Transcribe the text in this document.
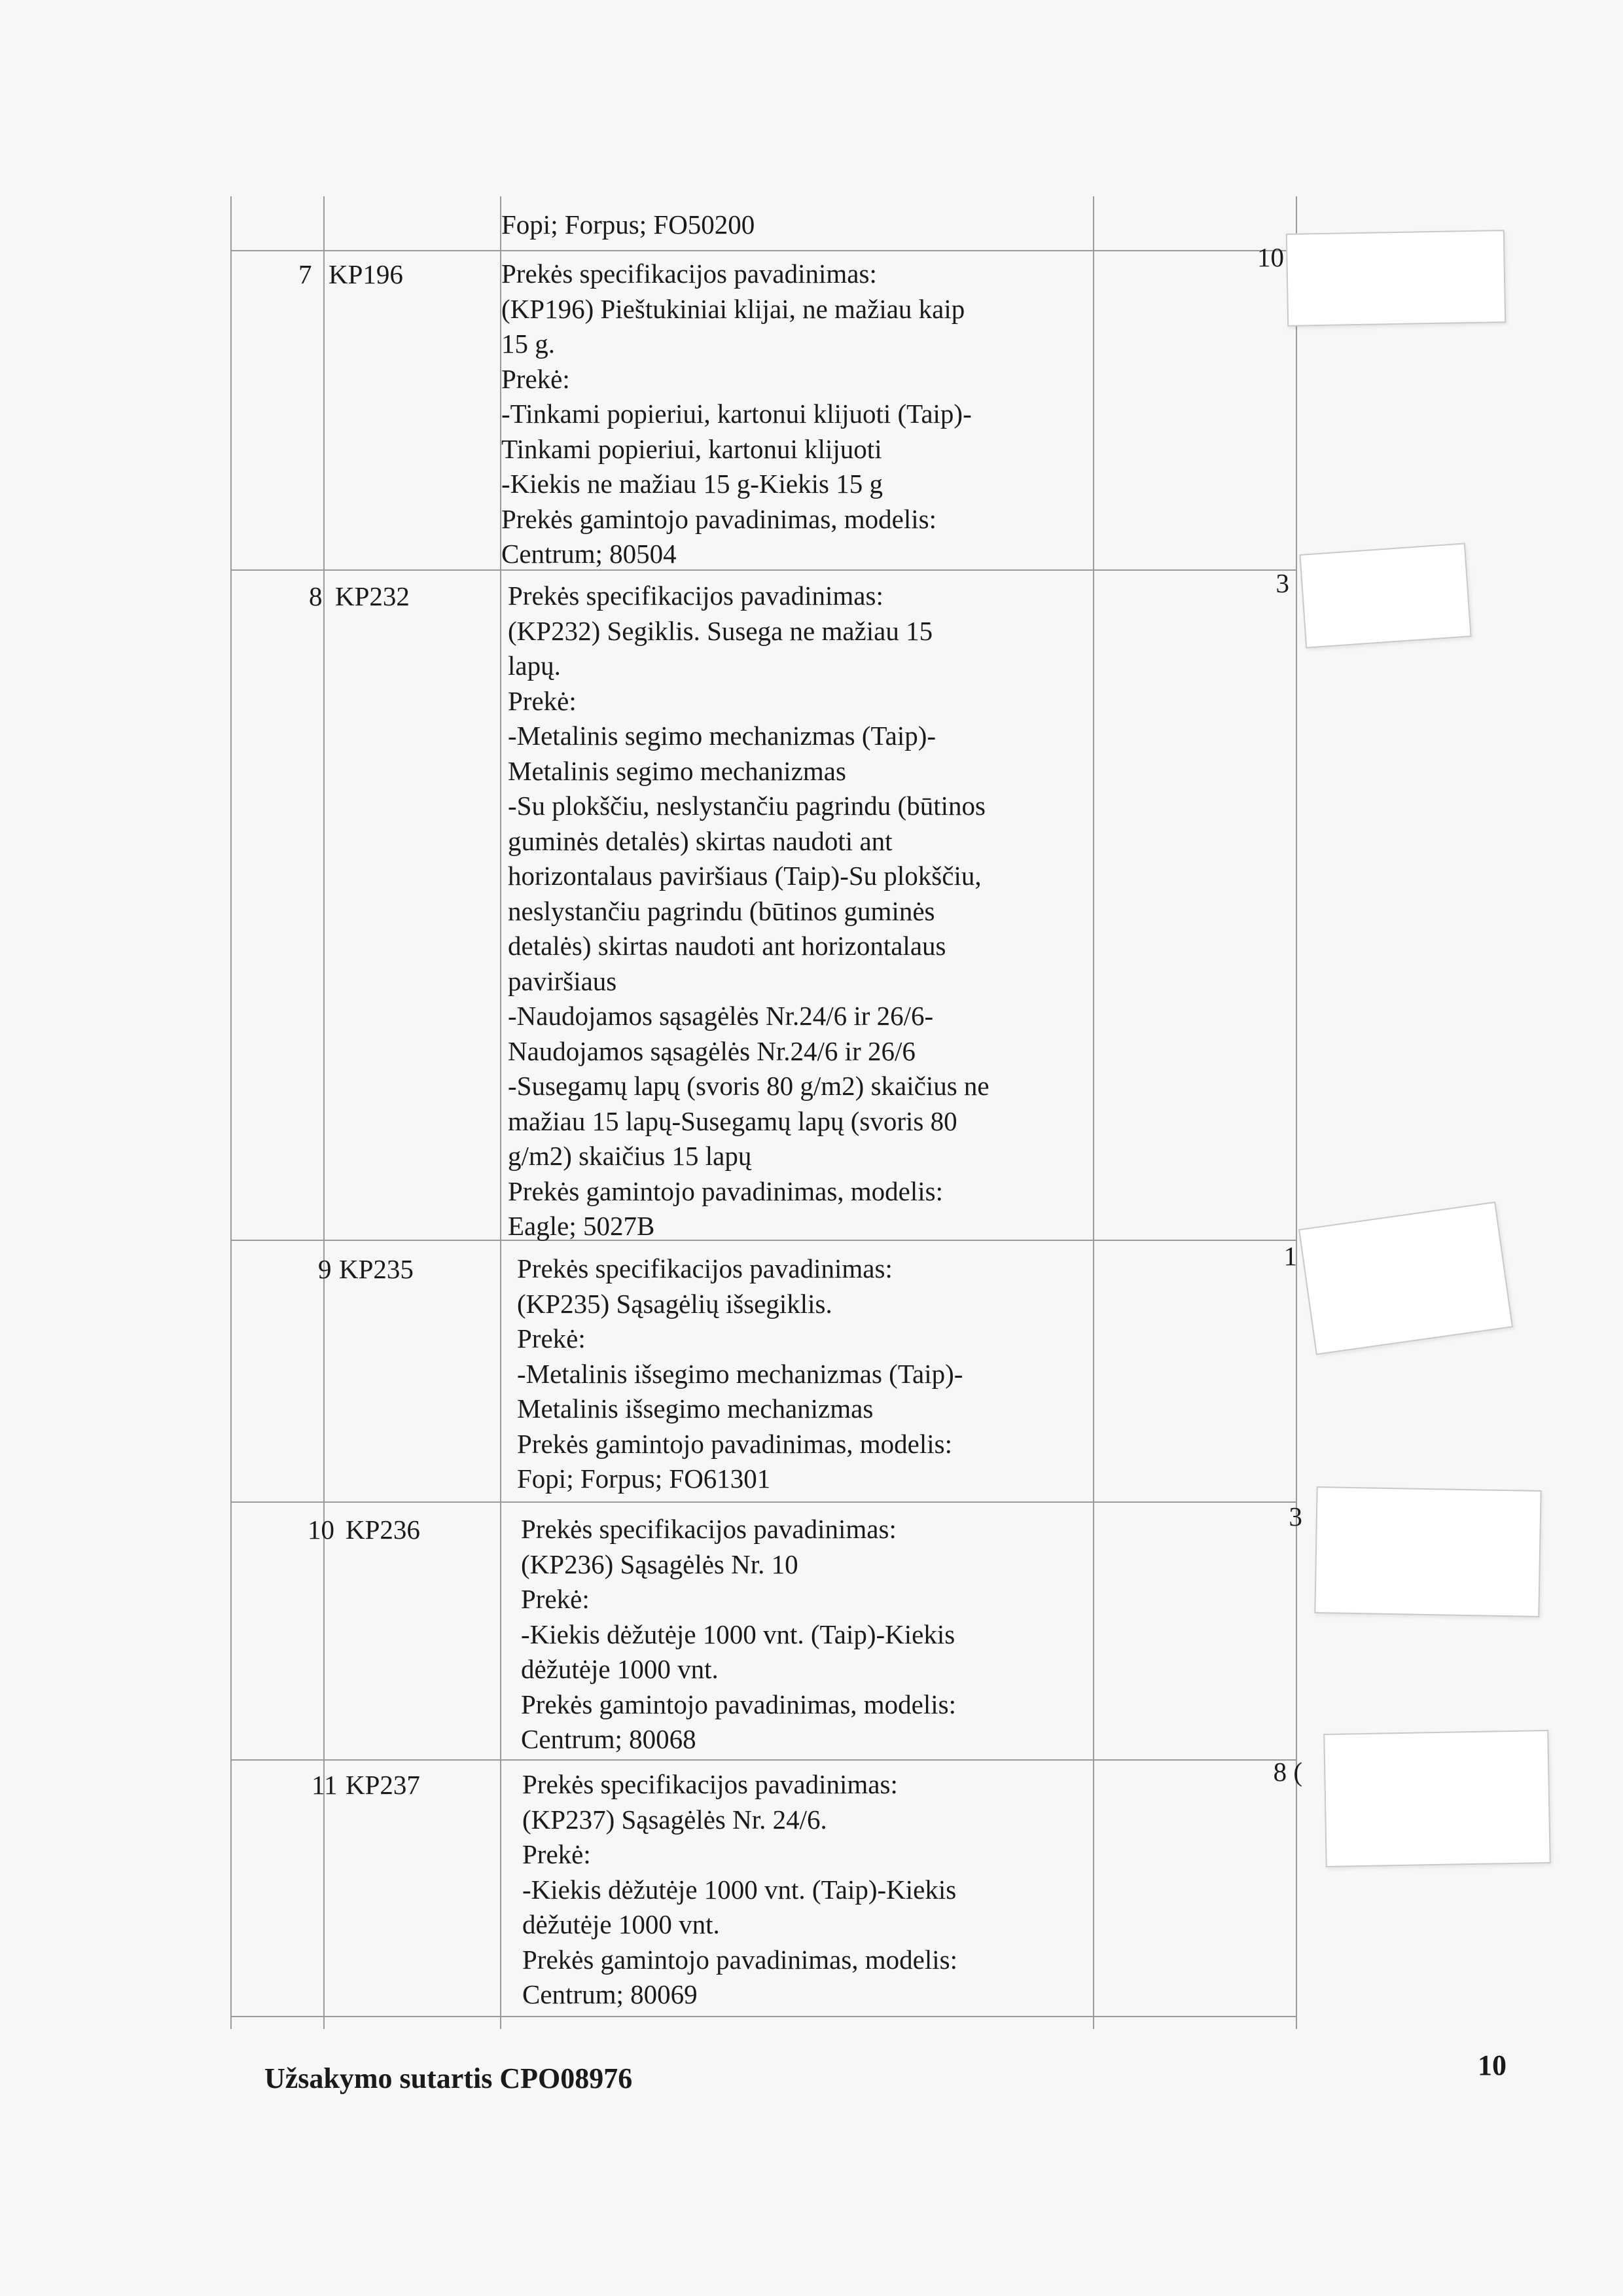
Fopi; Forpus; FO50200
7 KP196	Prekės specifikacijos pavadinimas:
(KP196) Pieštukiniai klijai, ne mažiau kaip
15 g.
Prekė:
-Tinkami popieriui, kartonui klijuoti (Taip)-
Tinkami popieriui, kartonui klijuoti
-Kiekis ne mažiau 15 g-Kiekis 15 g
Prekės gamintojo pavadinimas, modelis:
Centrum; 80504
10
8 KP232	Prekės specifikacijos pavadinimas:
(KP232) Segiklis. Susega ne mažiau 15
lapų.
Prekė:
-Metalinis segimo mechanizmas (Taip)-
Metalinis segimo mechanizmas
-Su plokščiu, neslystančiu pagrindu (būtinos
guminės detalės) skirtas naudoti ant
horizontalaus paviršiaus (Taip)-Su plokščiu,
neslystančiu pagrindu (būtinos guminės
detalės) skirtas naudoti ant horizontalaus
paviršiaus
-Naudojamos sąsagėlės Nr.24/6 ir 26/6-
Naudojamos sąsagėlės Nr.24/6 ir 26/6
-Susegamų lapų (svoris 80 g/m2) skaičius ne
mažiau 15 lapų-Susegamų lapų (svoris 80
g/m2) skaičius 15 lapų
Prekės gamintojo pavadinimas, modelis:
Eagle; 5027B
3
9 KP235	Prekės specifikacijos pavadinimas:
(KP235) Sąsagėlių išsegiklis.
Prekė:
-Metalinis išsegimo mechanizmas (Taip)-
Metalinis išsegimo mechanizmas
Prekės gamintojo pavadinimas, modelis:
Fopi; Forpus; FO61301
1
10 KP236	Prekės specifikacijos pavadinimas:
(KP236) Sąsagėlės Nr. 10
Prekė:
-Kiekis dėžutėje 1000 vnt. (Taip)-Kiekis
dėžutėje 1000 vnt.
Prekės gamintojo pavadinimas, modelis:
Centrum; 80068
3
11 KP237	Prekės specifikacijos pavadinimas:
(KP237) Sąsagėlės Nr. 24/6.
Prekė:
-Kiekis dėžutėje 1000 vnt. (Taip)-Kiekis
dėžutėje 1000 vnt.
Prekės gamintojo pavadinimas, modelis:
Centrum; 80069
8 (
Užsakymo sutartis CPO08976	10
